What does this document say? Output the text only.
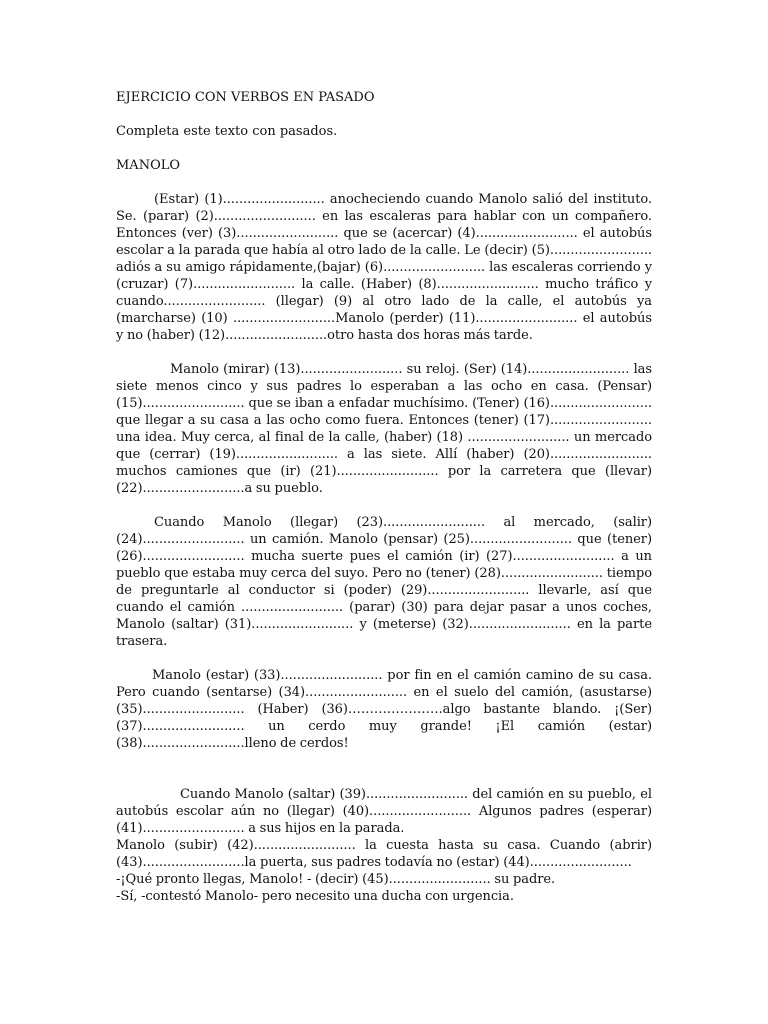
EJERCICIO CON VERBOS EN PASADO

Completa este texto con pasados.

MANOLO

(Estar) (1)......................... anocheciendo cuando Manolo salió del instituto. Se. (parar) (2)......................... en las escaleras para hablar con un compañero. Entonces (ver) (3)......................... que se (acercar) (4)......................... el autobús escolar a la parada que había al otro lado de la calle. Le (decir) (5)......................... adiós a su amigo rápidamente,(bajar) (6)......................... las escaleras corriendo y (cruzar) (7)......................... la calle. (Haber) (8)......................... mucho tráfico y cuando......................... (llegar) (9) al otro lado de la calle, el autobús ya (marcharse) (10) .........................Manolo (perder) (11)......................... el autobús y no (haber) (12).........................otro hasta dos horas más tarde.

Manolo (mirar) (13)......................... su reloj. (Ser) (14)......................... las siete menos cinco y sus padres lo esperaban a las ocho en casa. (Pensar) (15)......................... que se iban a enfadar muchísimo. (Tener) (16)......................... que llegar a su casa a las ocho como fuera. Entonces (tener) (17)......................... una idea. Muy cerca, al final de la calle, (haber) (18) ......................... un mercado que (cerrar) (19)......................... a las siete. Allí (haber) (20)......................... muchos camiones que (ir) (21)......................... por la carretera que (llevar) (22).........................a su pueblo.

Cuando Manolo (llegar) (23)......................... al mercado, (salir) (24)......................... un camión. Manolo (pensar) (25)......................... que (tener) (26)......................... mucha suerte pues el camión (ir) (27)......................... a un pueblo que estaba muy cerca del suyo. Pero no (tener) (28)......................... tiempo de preguntarle al conductor si (poder) (29)......................... llevarle, así que cuando el camión ......................... (parar) (30) para dejar pasar a unos coches, Manolo (saltar) (31)......................... y (meterse) (32)......................... en la parte trasera.

Manolo (estar) (33)......................... por fin en el camión camino de su casa. Pero cuando (sentarse) (34)......................... en el suelo del camión, (asustarse) (35)......................... (Haber) (36)………………….algo bastante blando. ¡(Ser) (37)......................... un cerdo muy grande! ¡El camión (estar) (38).........................lleno de cerdos!

Cuando Manolo (saltar) (39)......................... del camión en su pueblo, el autobús escolar aún no (llegar) (40)......................... Algunos padres (esperar) (41)......................... a sus hijos en la parada.

Manolo (subir) (42)......................... la cuesta hasta su casa. Cuando (abrir) (43).........................la puerta, sus padres todavía no (estar) (44).........................

-¡Qué pronto llegas, Manolo! - (decir) (45)......................... su padre.

-Sí, -contestó Manolo- pero necesito una ducha con urgencia.
